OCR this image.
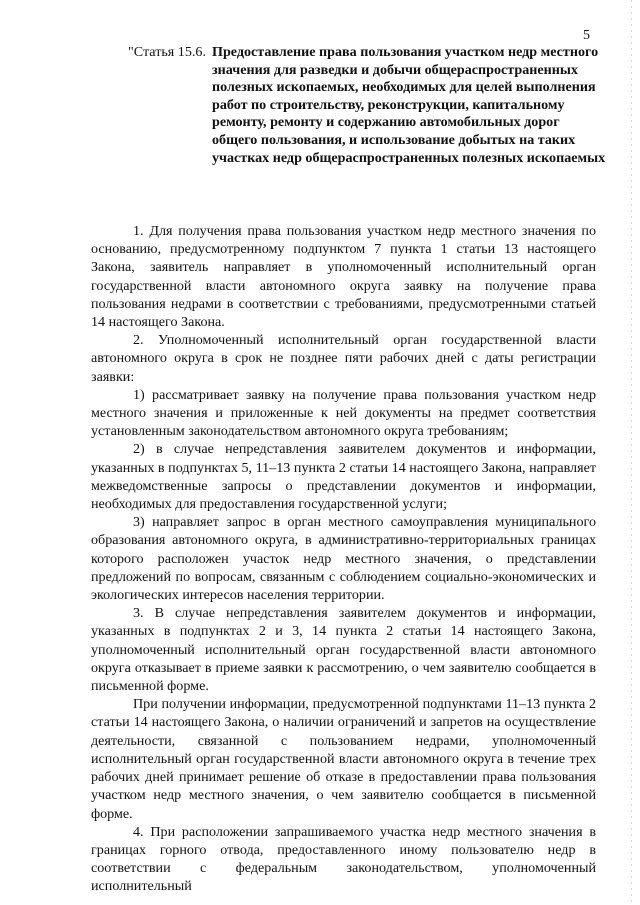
5
"Статья 15.6. Предоставление права пользования участком недр местного значения для разведки и добычи общераспространенных полезных ископаемых, необходимых для целей выполнения работ по строительству, реконструкции, капитальному ремонту, ремонту и содержанию автомобильных дорог общего пользования, и использование добытых на таких участках недр общераспространенных полезных ископаемых

1. Для получения права пользования участком недр местного значения по основанию, предусмотренному подпунктом 7 пункта 1 статьи 13 настоящего Закона, заявитель направляет в уполномоченный исполнительный орган государственной власти автономного округа заявку на получение права пользования недрами в соответствии с требованиями, предусмотренными статьей 14 настоящего Закона.

2. Уполномоченный исполнительный орган государственной власти автономного округа в срок не позднее пяти рабочих дней с даты регистрации заявки:

1) рассматривает заявку на получение права пользования участком недр местного значения и приложенные к ней документы на предмет соответствия установленным законодательством автономного округа требованиям;

2) в случае непредставления заявителем документов и информации, указанных в подпунктах 5, 11–13 пункта 2 статьи 14 настоящего Закона, направляет межведомственные запросы о представлении документов и информации, необходимых для предоставления государственной услуги;

3) направляет запрос в орган местного самоуправления муниципального образования автономного округа, в административно-территориальных границах которого расположен участок недр местного значения, о представлении предложений по вопросам, связанным с соблюдением социально-экономических и экологических интересов населения территории.

3. В случае непредставления заявителем документов и информации, указанных в подпунктах 2 и 3, 14 пункта 2 статьи 14 настоящего Закона, уполномоченный исполнительный орган государственной власти автономного округа отказывает в приеме заявки к рассмотрению, о чем заявителю сообщается в письменной форме.

При получении информации, предусмотренной подпунктами 11–13 пункта 2 статьи 14 настоящего Закона, о наличии ограничений и запретов на осуществление деятельности, связанной с пользованием недрами, уполномоченный исполнительный орган государственной власти автономного округа в течение трех рабочих дней принимает решение об отказе в предоставлении права пользования участком недр местного значения, о чем заявителю сообщается в письменной форме.

4. При расположении запрашиваемого участка недр местного значения в границах горного отвода, предоставленного иному пользователю недр в соответствии с федеральным законодательством, уполномоченный исполнительный
